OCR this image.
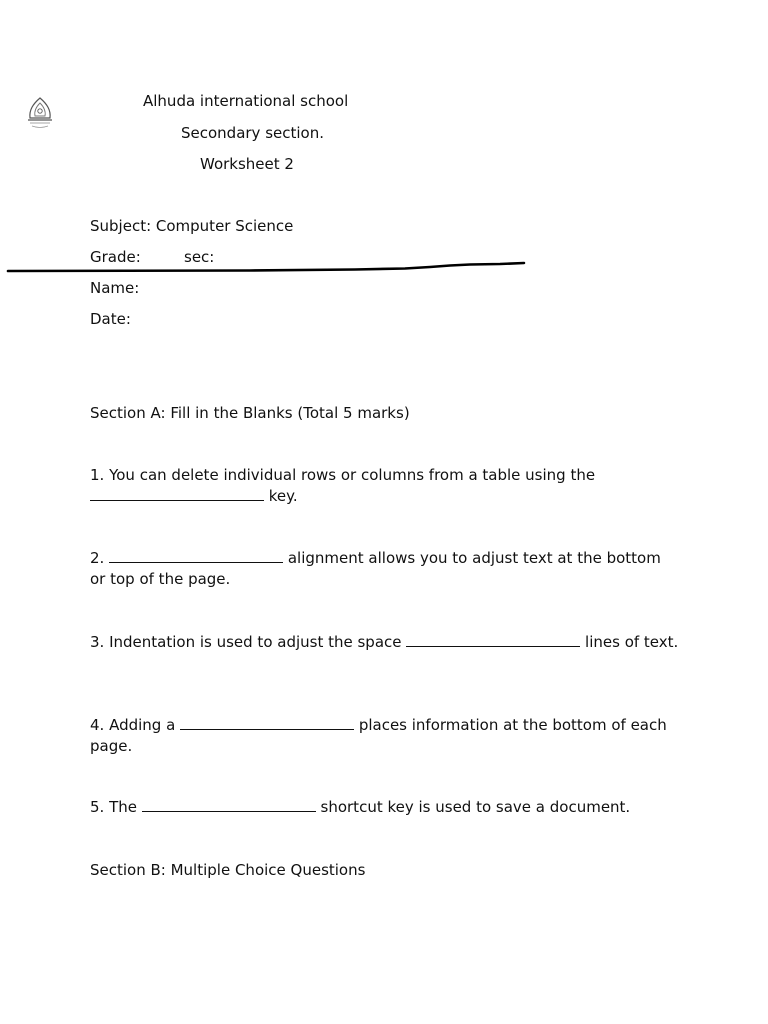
Alhuda international school
Secondary section.
Worksheet 2
Subject: Computer Science
Grade:	sec:
Name:
Date:
Section A: Fill in the Blanks (Total 5 marks)
1. You can delete individual rows or columns from a table using the  key.
2.	alignment allows you to adjust text at the bottom or top of the page.
3. Indentation is used to adjust the space	lines of text.
4. Adding a	places information at the bottom of each page.
5. The	shortcut key is used to save a document.
Section B: Multiple Choice Questions
